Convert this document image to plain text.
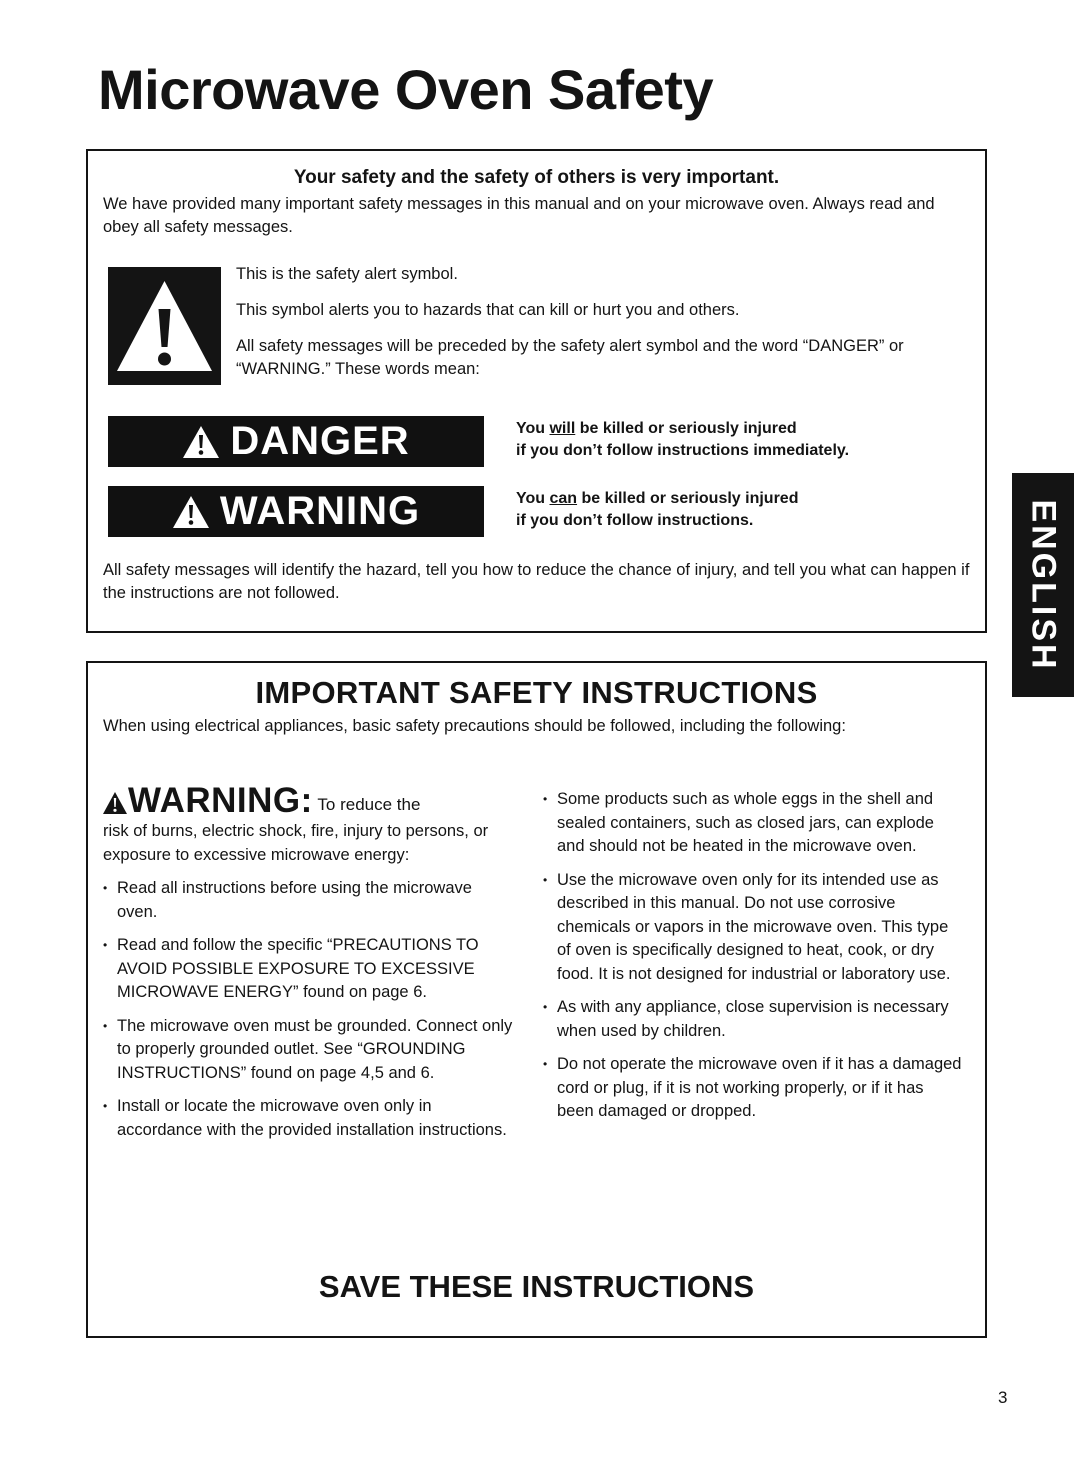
Microwave Oven Safety
Your safety and the safety of others is very important.
We have provided many important safety messages in this manual and on your microwave oven. Always read and obey all safety messages.

This is the safety alert symbol.

This symbol alerts you to hazards that can kill or hurt you and others.

All safety messages will be preceded by the safety alert symbol and the word “DANGER” or “WARNING.” These words mean:

DANGER	You will be killed or seriously injured
if you don’t follow instructions immediately.
WARNING	You can be killed or seriously injured
if you don’t follow instructions.
All safety messages will identify the hazard, tell you how to reduce the chance of injury, and tell you what can happen if the instructions are not followed.
IMPORTANT SAFETY INSTRUCTIONS
When using electrical appliances, basic safety precautions should be followed, including the following:
WARNING: To reduce the
risk of burns, electric shock, fire, injury to persons, or exposure to excessive microwave energy:
• Read all instructions before using the microwave oven.
• Read and follow the specific “PRECAUTIONS TO AVOID POSSIBLE EXPOSURE TO EXCESSIVE MICROWAVE ENERGY” found on page 6.
• The microwave oven must be grounded. Connect only to properly grounded outlet. See “GROUNDING INSTRUCTIONS” found on page 4,5 and 6.
• Install or locate the microwave oven only in accordance with the provided installation instructions.
• Some products such as whole eggs in the shell and sealed containers, such as closed jars, can explode and should not be heated in the microwave oven.
• Use the microwave oven only for its intended use as described in this manual. Do not use corrosive chemicals or vapors in the microwave oven. This type of oven is specifically designed to heat, cook, or dry food. It is not designed for industrial or laboratory use.
• As with any appliance, close supervision is necessary when used by children.
• Do not operate the microwave oven if it has a damaged cord or plug, if it is not working properly, or if it has been damaged or dropped.
SAVE THESE INSTRUCTIONS
ENGLISH
3
